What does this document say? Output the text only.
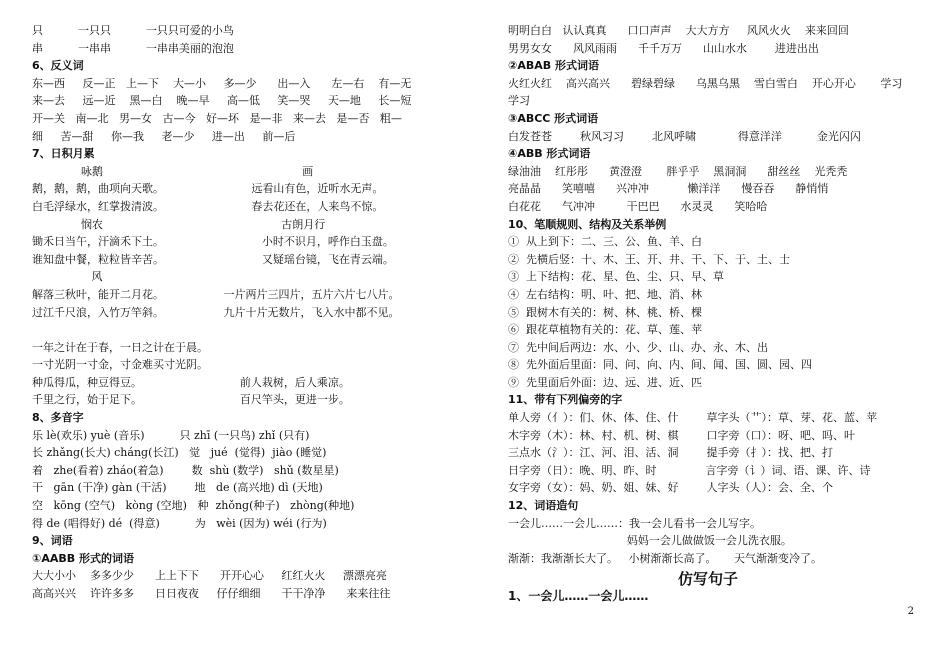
只          一只只          一只只可爱的小鸟
串          一串串          一串串美丽的泡泡
6、反义词
东—西     反—正   上—下    大—小     多—少      出—入      左—右    有—无
来—去     远—近    黑—白    晚—早     高—低     笑—哭     天—地     长—短
开—关   南—北   男—女   古—今   好—坏   是—非   来—去   是—否   粗—
细     苦—甜     你—我     老—少     进—出     前—后
7、日积月累
咏鹅                                                         画
鹅，鹅，鹅，曲项向天歌。                         远看山有色，近听水无声。
白毛浮绿水，红掌拨清波。                         春去花还在，人来鸟不惊。
悯农                                                   古朗月行
锄禾日当午，汗滴禾下土。                            小时不识月，呼作白玉盘。
谁知盘中餐，粒粒皆辛苦。                            又疑瑶台镜，飞在青云端。
风
解落三秋叶，能开二月花。                 一片两片三四片，五片六片七八片。
过江千尺浪，入竹万竿斜。                 九片十片无数片，飞入水中都不见。
一年之计在于春，一日之计在于晨。
一寸光阴一寸金，寸金难买寸光阴。
种瓜得瓜，种豆得豆。                            前人栽树，后人乘凉。
千里之行，始于足下。                            百尺竿头，更进一步。
8、多音字
乐 lè(欢乐) yuè (音乐)          只 zhī (一只鸟) zhǐ (只有)
长 zhǎng(长大) cháng(长江)   觉   jué  (觉得)  jiào (睡觉)
着   zhe(看着) zháo(着急)        数  shù (数学)   shǔ (数星星)
干   gān (干净) gàn (干活)        地   de (高兴地) dì (天地)
空   kōng (空气)   kòng (空地)   种  zhǒng(种子)   zhòng(种地)
得 de (唱得好) dé  (得意)          为   wèi (因为) wéi (行为)
9、词语
①AABB 形式的词语
大大小小    多多少少      上上下下      开开心心     红红火火     漂漂亮亮
高高兴兴    许许多多      日日夜夜     仔仔细细      干干净净      来来往往
明明白白   认认真真      口口声声    大大方方     风风火火    来来回回
男男女女      风风雨雨      千千万万      山山水水        进进出出
②ABAB 形式词语
火红火红    高兴高兴      碧绿碧绿      乌黑乌黑    雪白雪白    开心开心       学习
学习
③ABCC 形式词语
白发苍苍        秋风习习        北风呼啸            得意洋洋          金光闪闪
④ABB 形式词语
绿油油    红彤彤      黄澄澄       胖乎乎    黑洞洞      甜丝丝    光秃秃
亮晶晶      笑嘻嘻      兴冲冲           懒洋洋      慢吞吞      静悄悄
白花花      气冲冲         干巴巴      水灵灵      笑哈哈
10、笔顺规则、结构及关系举例
①  从上到下：二、三、公、鱼、羊、白
②  先横后竖：十、木、王、开、井、干、下、于、土、士
③  上下结构：花、星、色、尘、只、早、草
④  左右结构：明、叶、把、地、消、林
⑤  跟树木有关的：树、林、桃、桥、棵
⑥  跟花草植物有关的：花、草、莲、苹
⑦  先中间后两边：水、小、少、山、办、永、木、出
⑧  先外面后里面：同、问、向、内、间、闻、国、圆、园、四
⑨  先里面后外面：边、远、进、近、匹
11、带有下列偏旁的字
单人旁（亻）：们、休、体、住、什        草字头（艹）：草、芽、花、蓝、苹
木字旁（木）：林、村、机、树、棋        口字旁（口）：呀、吧、吗、叶
三点水（氵）：江、河、泪、活、洞        提手旁（扌）：找、把、打
日字旁（日）：晚、明、昨、时              言字旁（讠）词、语、课、许、诗
女字旁（女）：妈、奶、姐、妹、好        人字头（人）：会、全、个
12、词语造句
一会儿……一会儿……：我一会儿看书一会儿写字。
妈妈一会儿做做饭一会儿洗衣服。
渐渐：我渐渐长大了。   小树渐渐长高了。     天气渐渐变冷了。
仿写句子
1、一会儿……一会儿……
2
